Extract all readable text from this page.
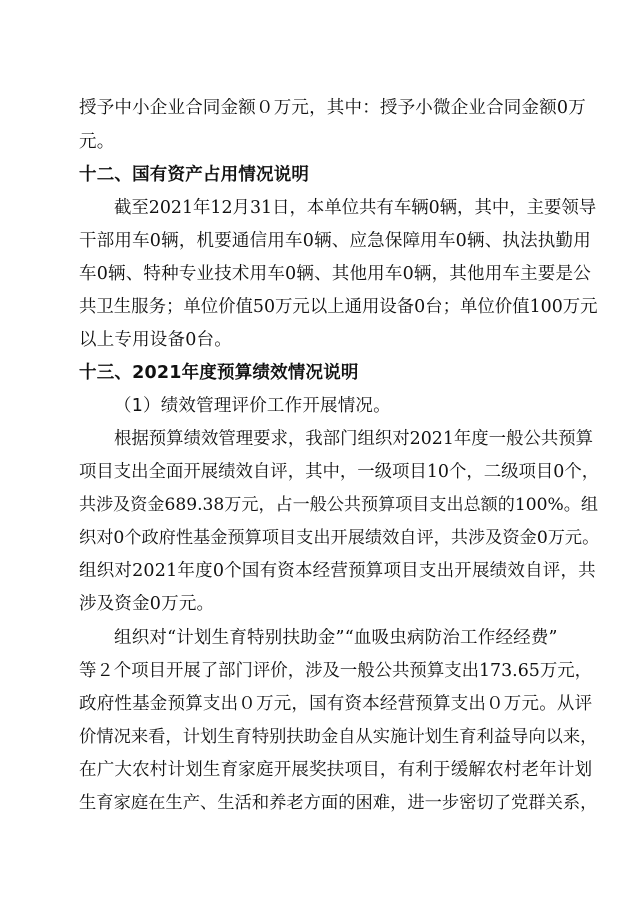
授予中小企业合同金额０万元，其中：授予小微企业合同金额0万
元。
十二、国有资产占用情况说明
截至2021年12月31日，本单位共有车辆0辆，其中，主要领导
干部用车0辆，机要通信用车0辆、应急保障用车0辆、执法执勤用
车0辆、特种专业技术用车0辆、其他用车0辆，其他用车主要是公
共卫生服务；单位价值50万元以上通用设备0台；单位价值100万元
以上专用设备0台。
十三、2021年度预算绩效情况说明
（1）绩效管理评价工作开展情况。
根据预算绩效管理要求，我部门组织对2021年度一般公共预算
项目支出全面开展绩效自评，其中，一级项目10个，二级项目0个，
共涉及资金689.38万元，占一般公共预算项目支出总额的100%。组
织对0个政府性基金预算项目支出开展绩效自评，共涉及资金0万元。
组织对2021年度0个国有资本经营预算项目支出开展绩效自评，共
涉及资金0万元。
组织对“计划生育特别扶助金”“血吸虫病防治工作经经费”
等２个项目开展了部门评价，涉及一般公共预算支出173.65万元，
政府性基金预算支出０万元，国有资本经营预算支出０万元。从评
价情况来看，计划生育特别扶助金自从实施计划生育利益导向以来，
在广大农村计划生育家庭开展奖扶项目，有利于缓解农村老年计划
生育家庭在生产、生活和养老方面的困难，进一步密切了党群关系，
